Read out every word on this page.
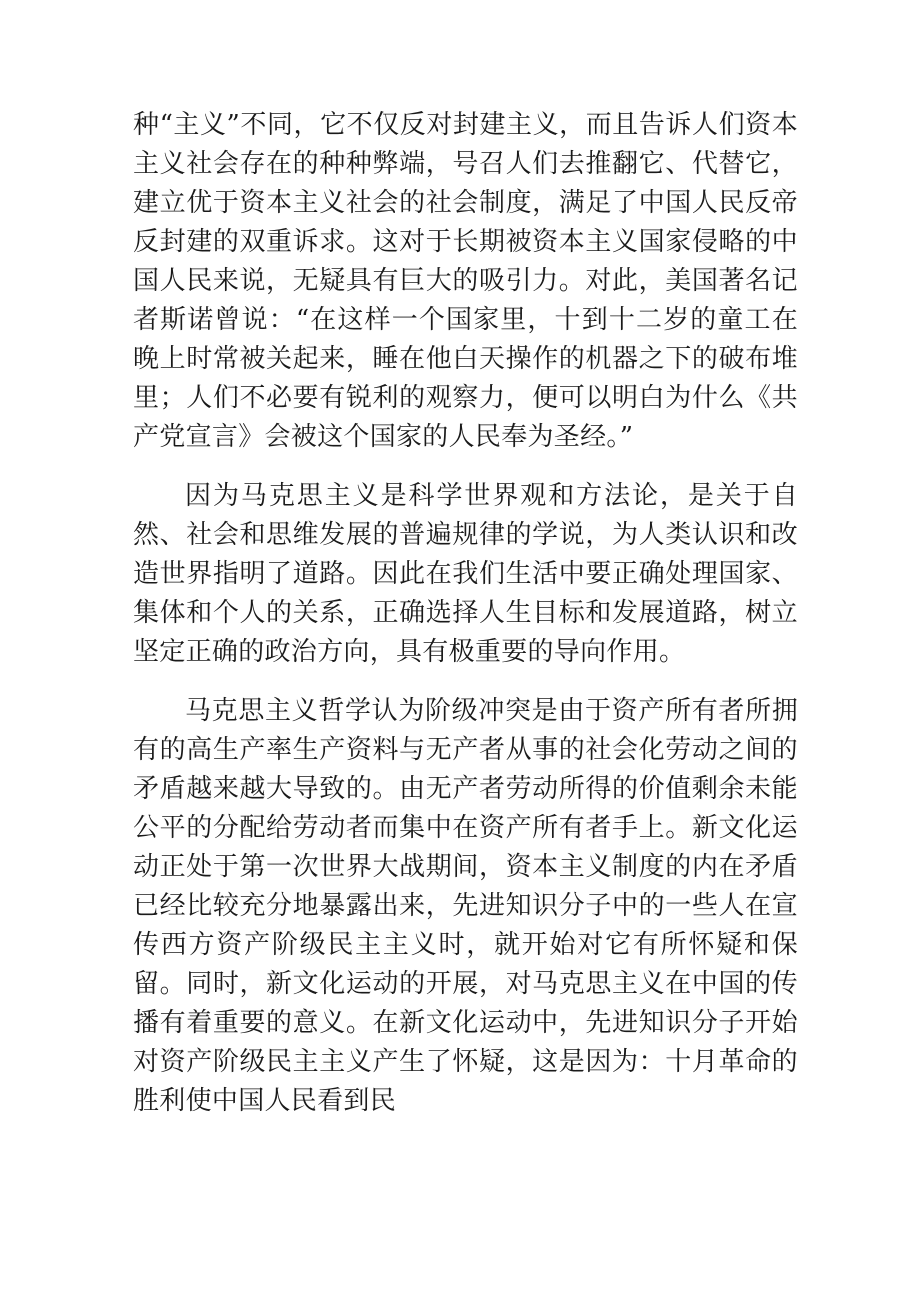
种“主义”不同，它不仅反对封建主义，而且告诉人们资本主义社会存在的种种弊端，号召人们去推翻它、代替它，建立优于资本主义社会的社会制度，满足了中国人民反帝反封建的双重诉求。这对于长期被资本主义国家侵略的中国人民来说，无疑具有巨大的吸引力。对此，美国著名记者斯诺曾说：“在这样一个国家里，十到十二岁的童工在晚上时常被关起来，睡在他白天操作的机器之下的破布堆里；人们不必要有锐利的观察力，便可以明白为什么《共产党宣言》会被这个国家的人民奉为圣经。”

因为马克思主义是科学世界观和方法论，是关于自然、社会和思维发展的普遍规律的学说，为人类认识和改造世界指明了道路。因此在我们生活中要正确处理国家、集体和个人的关系，正确选择人生目标和发展道路，树立坚定正确的政治方向，具有极重要的导向作用。

马克思主义哲学认为阶级冲突是由于资产所有者所拥有的高生产率生产资料与无产者从事的社会化劳动之间的矛盾越来越大导致的。由无产者劳动所得的价值剩余未能公平的分配给劳动者而集中在资产所有者手上。新文化运动正处于第一次世界大战期间，资本主义制度的内在矛盾已经比较充分地暴露出来，先进知识分子中的一些人在宣传西方资产阶级民主主义时，就开始对它有所怀疑和保留。同时，新文化运动的开展，对马克思主义在中国的传播有着重要的意义。在新文化运动中，先进知识分子开始对资产阶级民主主义产生了怀疑，这是因为：十月革命的胜利使中国人民看到民
